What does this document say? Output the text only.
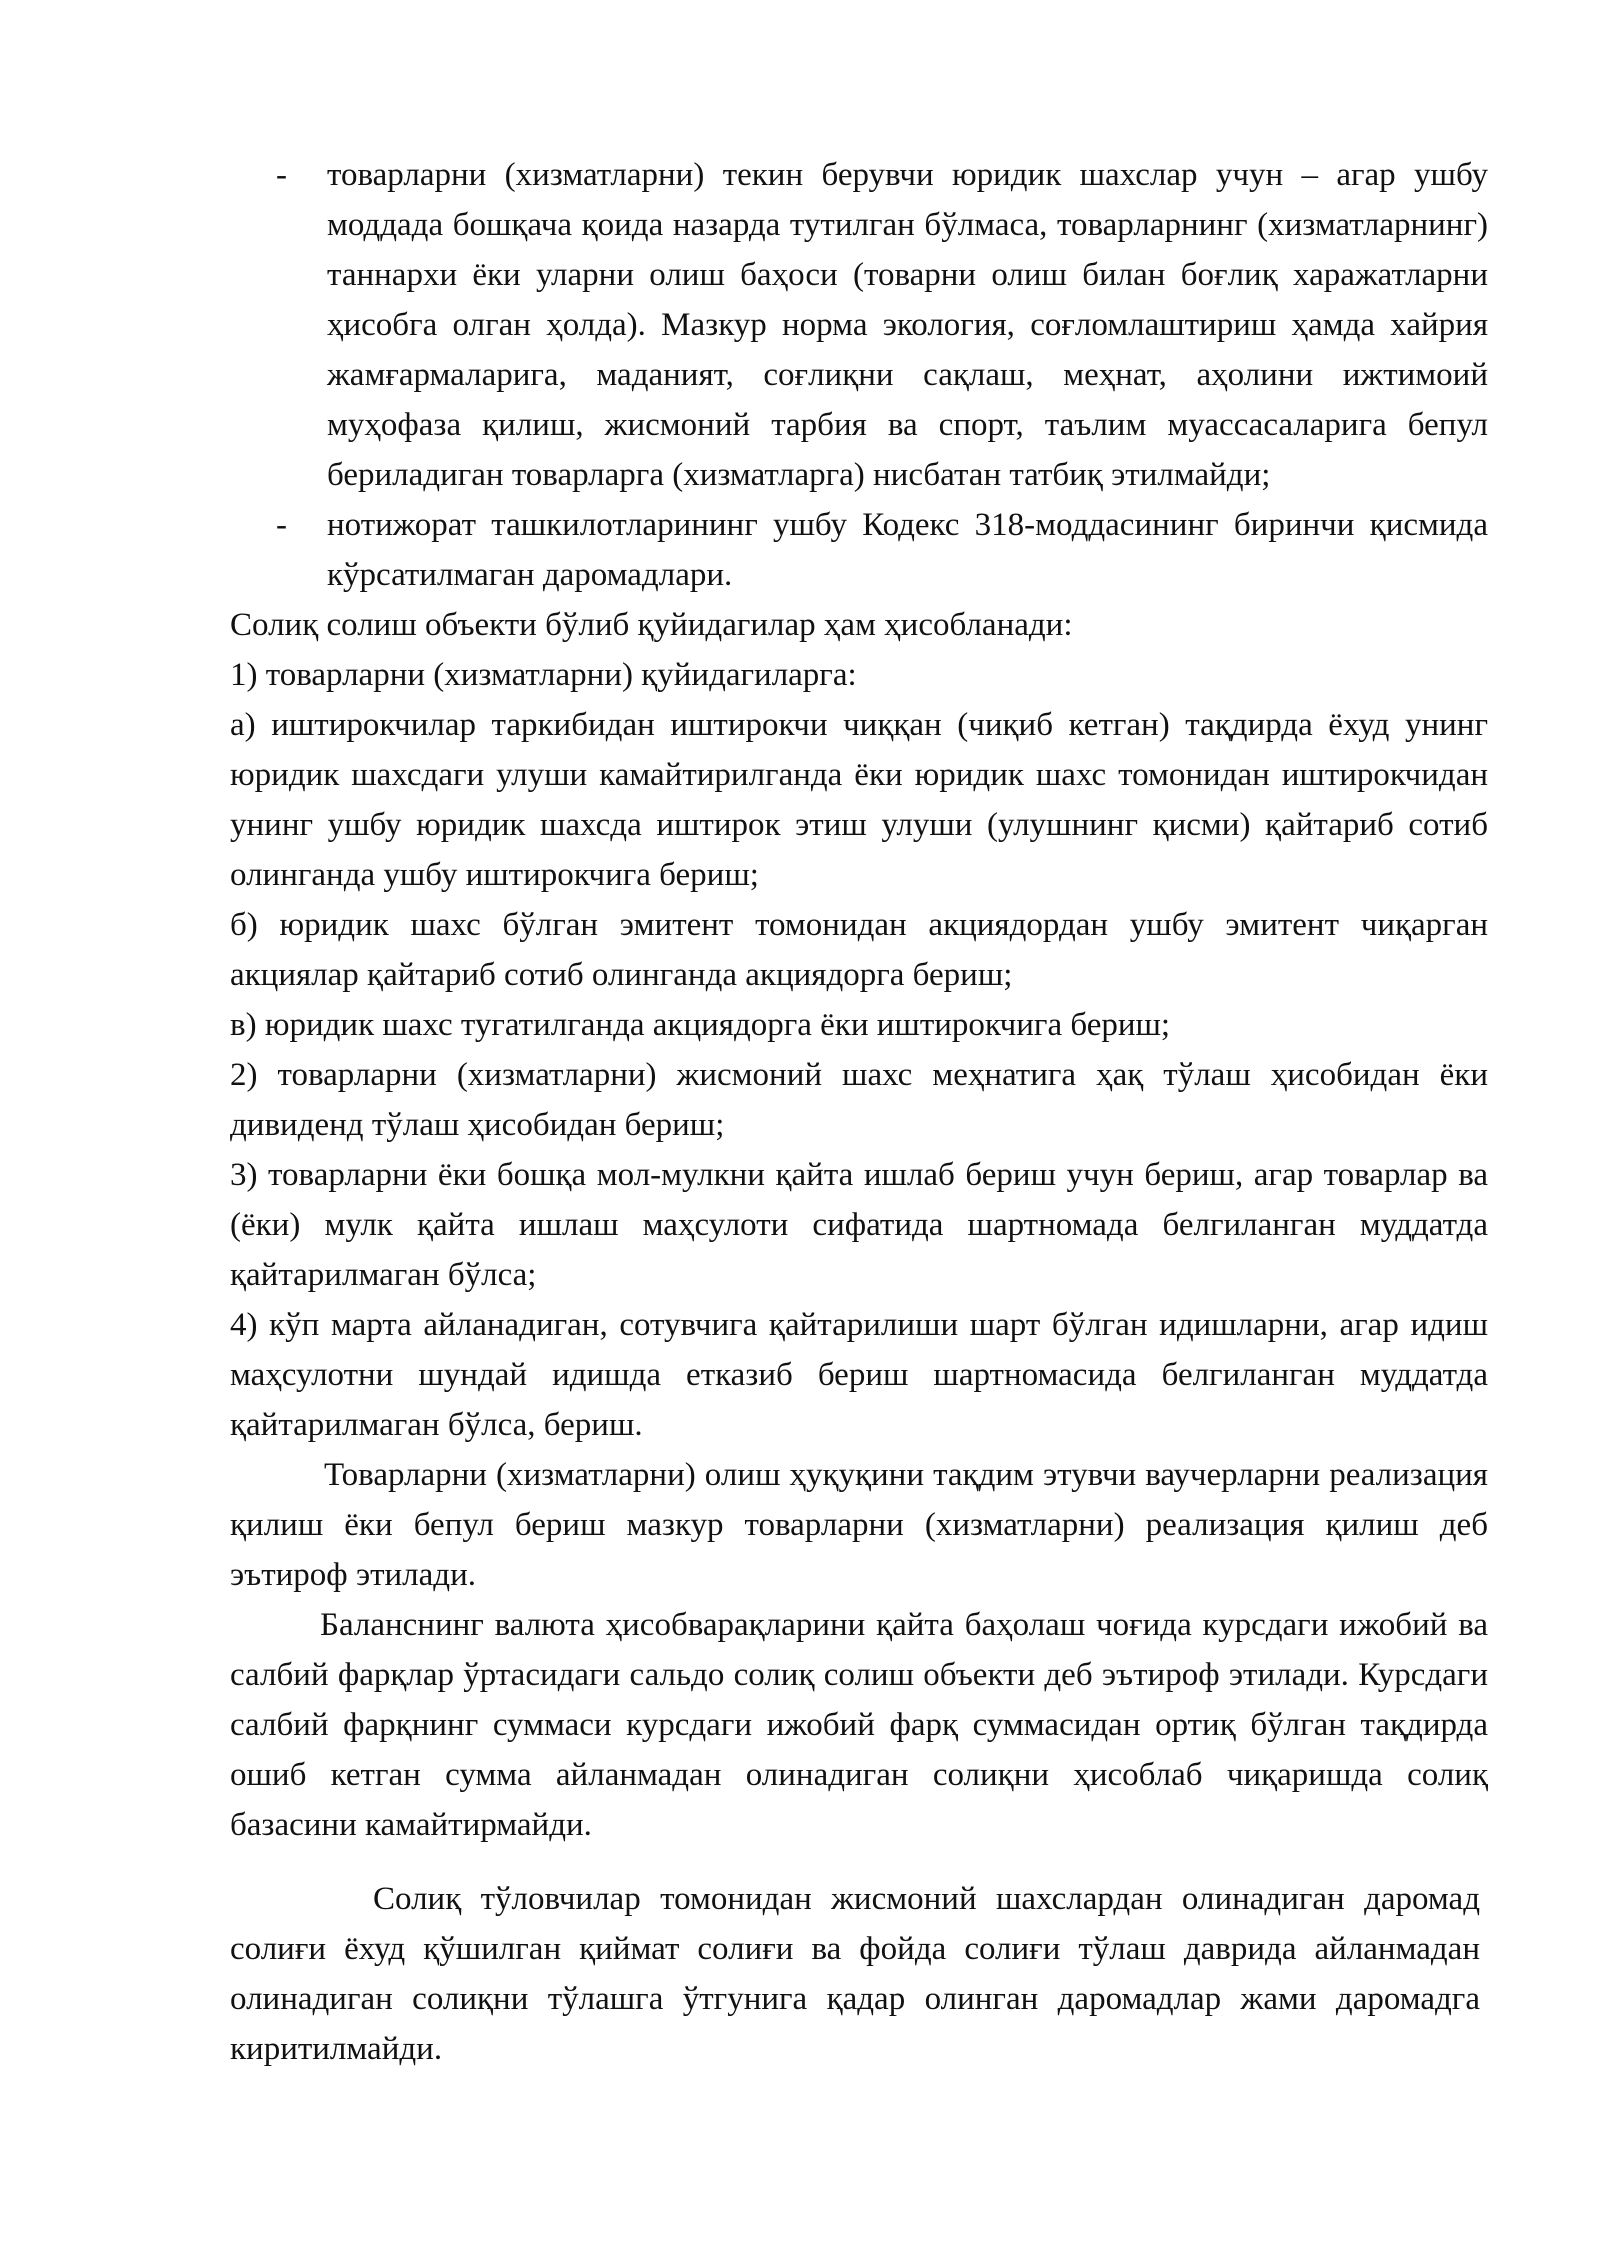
- товарларни (хизматларни) текин берувчи юридик шахслар учун – агар ушбу моддада бошқача қоида назарда тутилган бўлмаса, товарларнинг (хизматларнинг) таннархи ёки уларни олиш баҳоси (товарни олиш билан боғлиқ харажатларни ҳисобга олган ҳолда). Мазкур норма экология, соғломлаштириш ҳамда хайрия жамғармаларига, маданият, соғлиқни сақлаш, меҳнат, аҳолини ижтимоий муҳофаза қилиш, жисмоний тарбия ва спорт, таълим муассасаларига бепул бериладиган товарларга (хизматларга) нисбатан татбиқ этилмайди;
- нотижорат ташкилотларининг ушбу Кодекс 318-моддасининг биринчи қисмида кўрсатилмаган даромадлари.

Солиқ солиш объекти бўлиб қуйидагилар ҳам ҳисобланади:

1) товарларни (хизматларни) қуйидагиларга:

а) иштирокчилар таркибидан иштирокчи чиққан (чиқиб кетган) тақдирда ёхуд унинг юридик шахсдаги улуши камайтирилганда ёки юридик шахс томонидан иштирокчидан унинг ушбу юридик шахсда иштирок этиш улуши (улушнинг қисми) қайтариб сотиб олинганда ушбу иштирокчига бериш;

б) юридик шахс бўлган эмитент томонидан акциядордан ушбу эмитент чиқарган акциялар қайтариб сотиб олинганда акциядорга бериш;

в) юридик шахс тугатилганда акциядорга ёки иштирокчига бериш;

2) товарларни (хизматларни) жисмоний шахс меҳнатига ҳақ тўлаш ҳисобидан ёки дивиденд тўлаш ҳисобидан бериш;

3) товарларни ёки бошқа мол-мулкни қайта ишлаб бериш учун бериш, агар товарлар ва (ёки) мулк қайта ишлаш маҳсулоти сифатида шартномада белгиланган муддатда қайтарилмаган бўлса;

4) кўп марта айланадиган, сотувчига қайтарилиши шарт бўлган идишларни, агар идиш маҳсулотни шундай идишда етказиб бериш шартномасида белгиланган муддатда қайтарилмаган бўлса, бериш.

Товарларни (хизматларни) олиш ҳуқуқини тақдим этувчи ваучерларни реализация қилиш ёки бепул бериш мазкур товарларни (хизматларни) реализация қилиш деб эътироф этилади.

Баланснинг валюта ҳисобварақларини қайта баҳолаш чоғида курсдаги ижобий ва салбий фарқлар ўртасидаги сальдо солиқ солиш объекти деб эътироф этилади. Курсдаги салбий фарқнинг суммаси курсдаги ижобий фарқ суммасидан ортиқ бўлган тақдирда ошиб кетган сумма айланмадан олинадиган солиқни ҳисоблаб чиқаришда солиқ базасини камайтирмайди.

Солиқ тўловчилар томонидан жисмоний шахслардан олинадиган даромад солиғи ёхуд қўшилган қиймат солиғи ва фойда солиғи тўлаш даврида айланмадан олинадиган солиқни тўлашга ўтгунига қадар олинган даромадлар жами даромадга киритилмайди.
